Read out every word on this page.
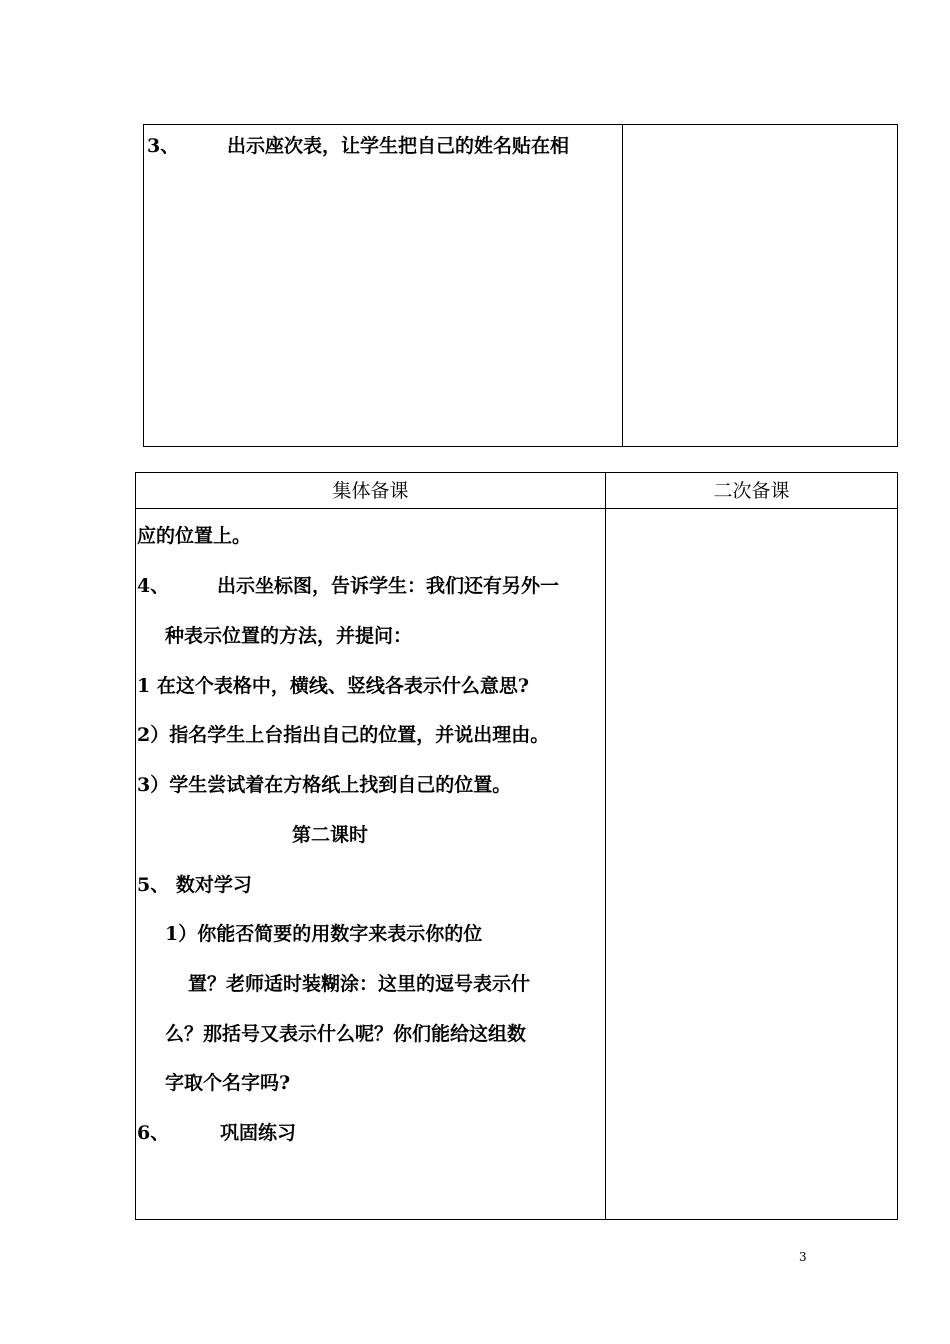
3、	出示座次表，让学生把自己的姓名贴在相
集体备课	二次备课
应的位置上。
4、	出示坐标图，告诉学生：我们还有另外一
种表示位置的方法，并提问：
1 在这个表格中，横线、竖线各表示什么意思?
2）指名学生上台指出自己的位置，并说出理由。
3）学生尝试着在方格纸上找到自己的位置。
第二课时
5、 数对学习
1）你能否简要的用数字来表示你的位
置？老师适时装糊涂：这里的逗号表示什
么？那括号又表示什么呢？你们能给这组数
字取个名字吗?
6、	巩固练习
3
